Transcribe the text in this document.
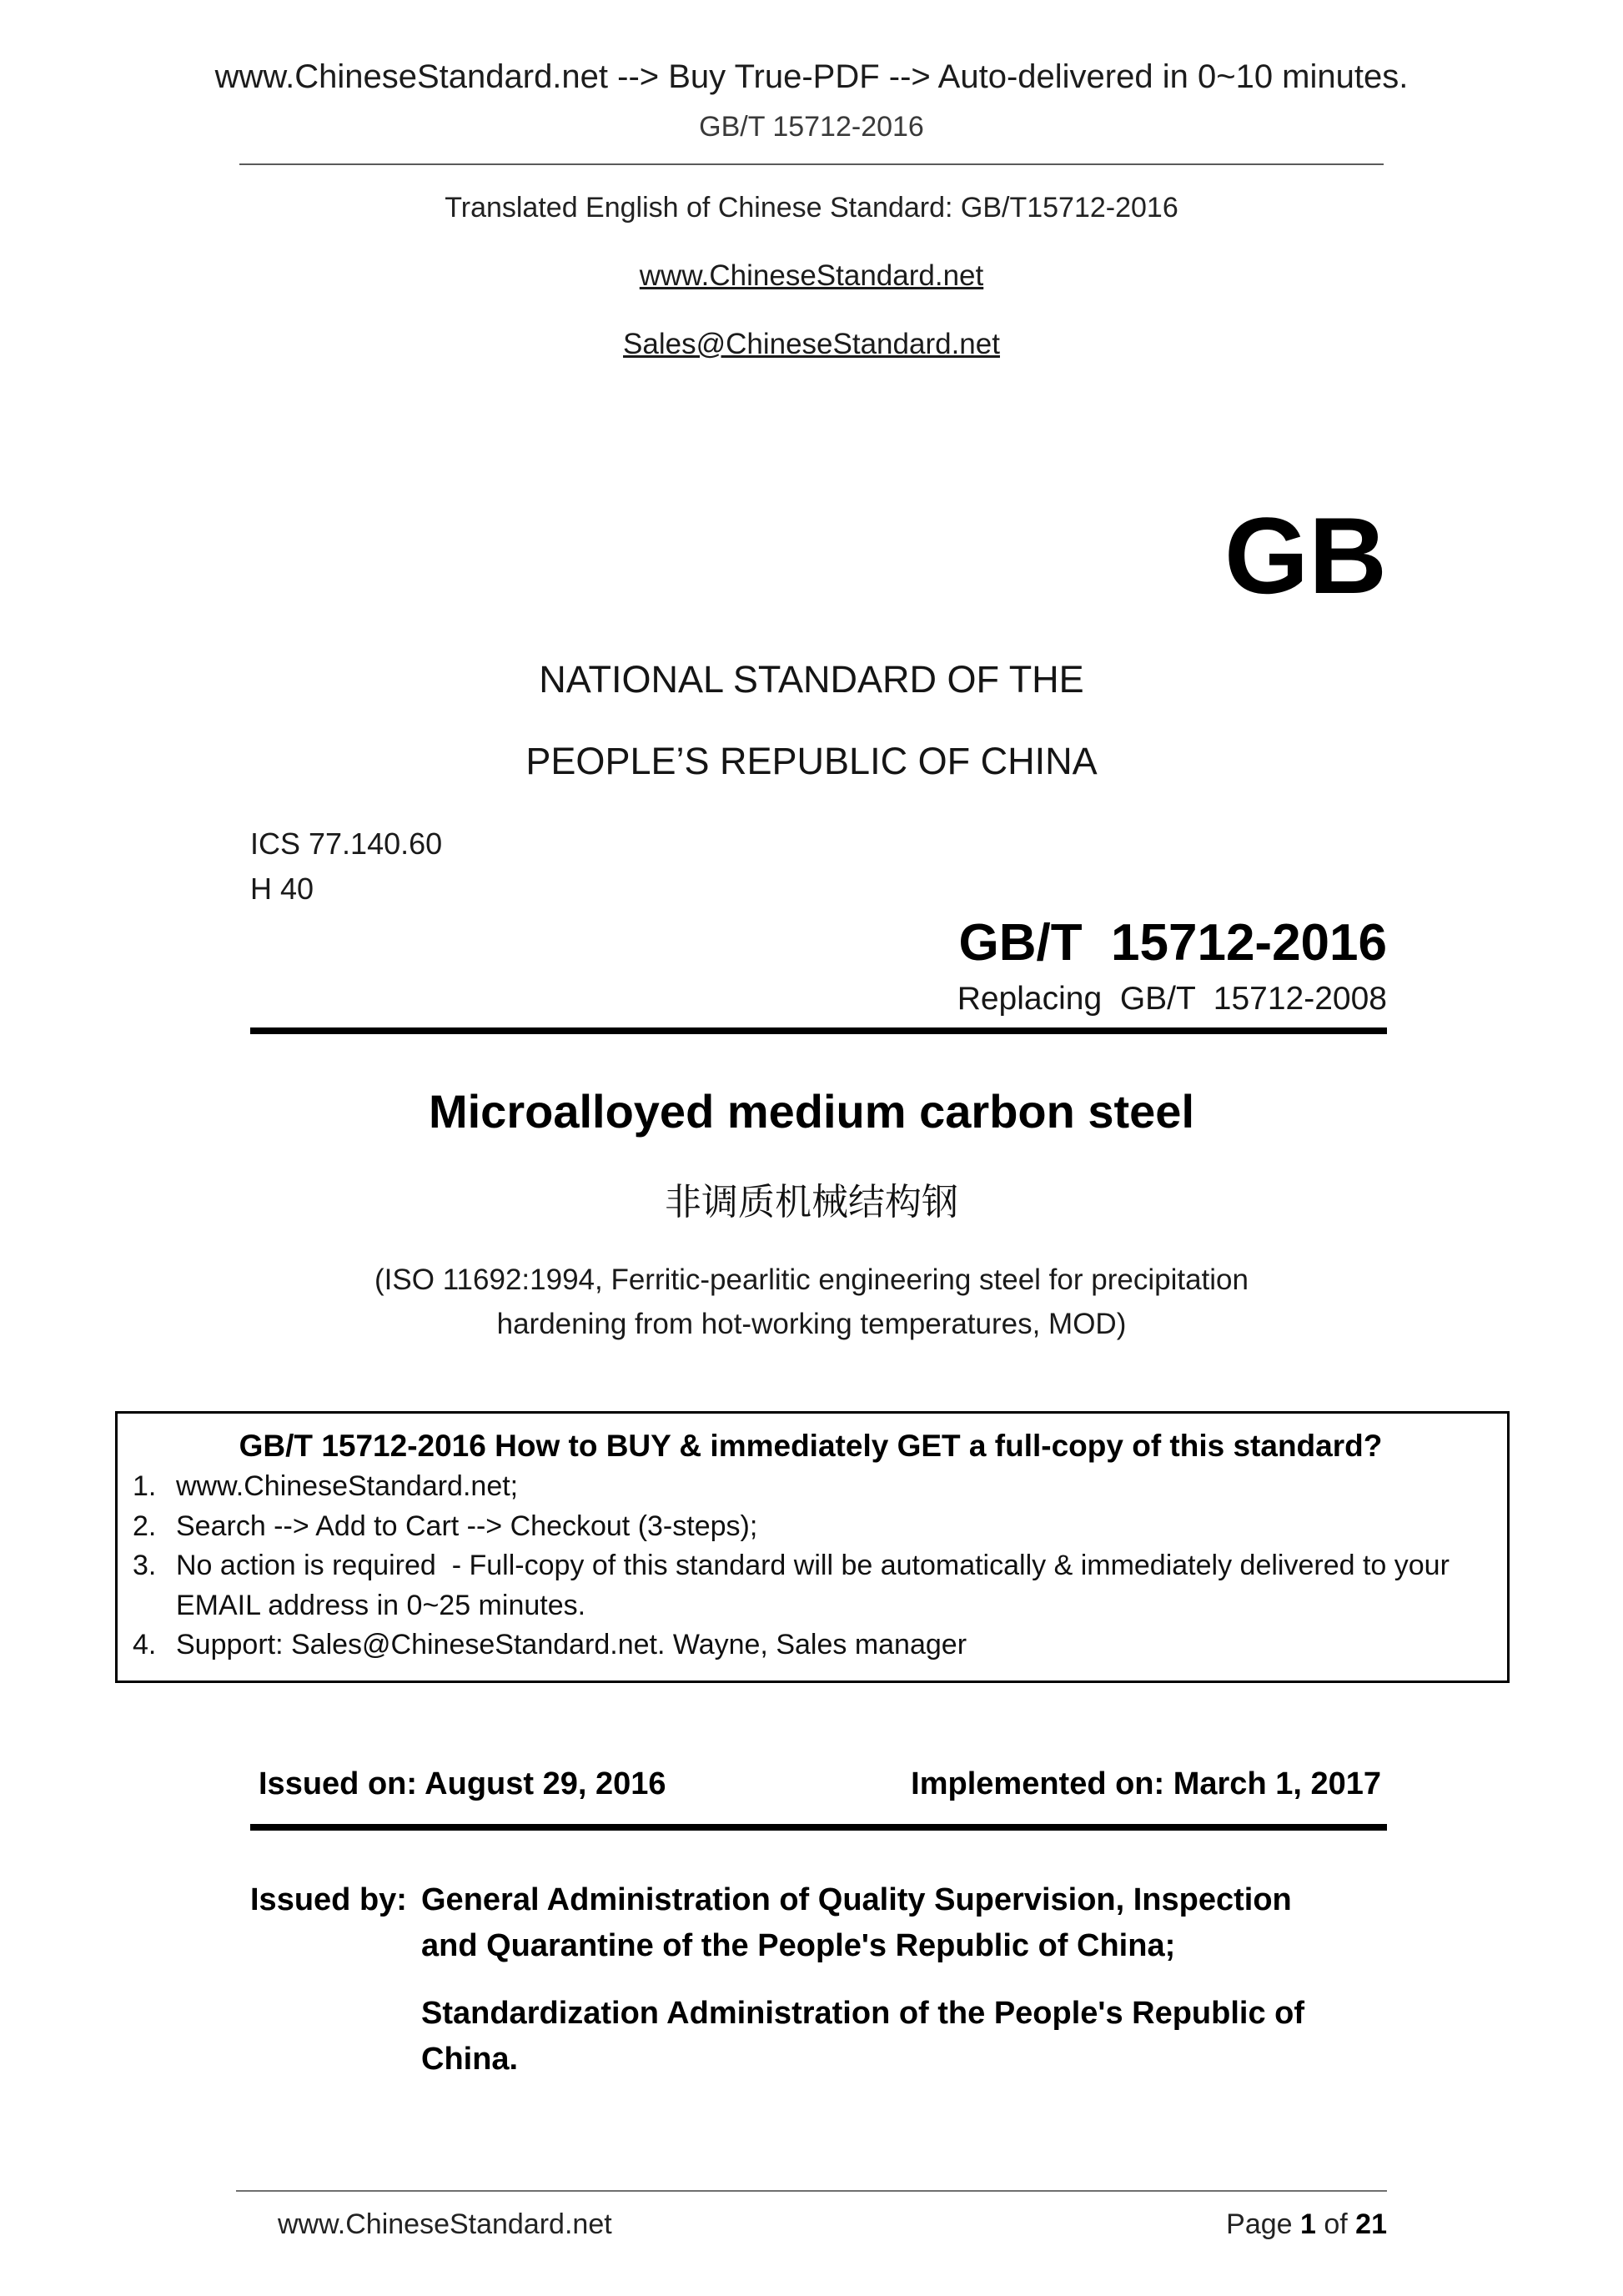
www.ChineseStandard.net --> Buy True-PDF --> Auto-delivered in 0~10 minutes.
GB/T 15712-2016
Translated English of Chinese Standard: GB/T15712-2016
www.ChineseStandard.net
Sales@ChineseStandard.net
GB
NATIONAL STANDARD OF THE
PEOPLE’S REPUBLIC OF CHINA
ICS 77.140.60
H 40
GB/T  15712-2016
Replacing  GB/T  15712-2008
Microalloyed medium carbon steel
非调质机械结构钢
(ISO 11692:1994, Ferritic-pearlitic engineering steel for precipitation
hardening from hot-working temperatures, MOD)
GB/T 15712-2016 How to BUY & immediately GET a full-copy of this standard?
1. www.ChineseStandard.net;
2. Search --> Add to Cart --> Checkout (3-steps);
3. No action is required  - Full-copy of this standard will be automatically & immediately delivered to your EMAIL address in 0~25 minutes.
4. Support: Sales@ChineseStandard.net. Wayne, Sales manager
Issued on: August 29, 2016	Implemented on: March 1, 2017
Issued by: General Administration of Quality Supervision, Inspection
and Quarantine of the People's Republic of China;
Standardization Administration of the People's Republic of
China.
www.ChineseStandard.net	Page 1 of 21
